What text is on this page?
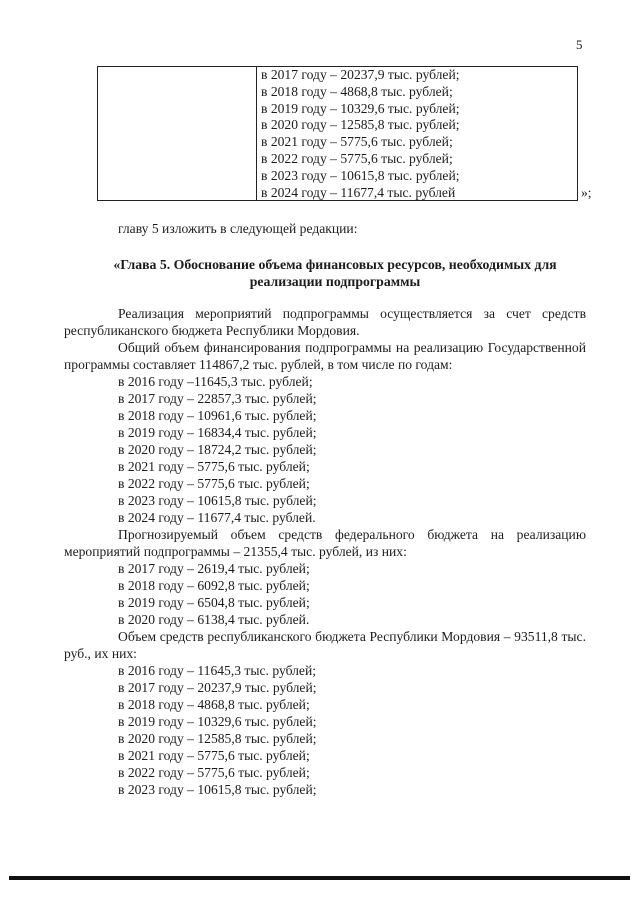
5
в 2017 году – 20237,9 тыс. рублей;
в 2018 году – 4868,8 тыс. рублей;
в 2019 году – 10329,6 тыс. рублей;
в 2020 году – 12585,8 тыс. рублей;
в 2021 году – 5775,6 тыс. рублей;
в 2022 году – 5775,6 тыс. рублей;
в 2023 году – 10615,8 тыс. рублей;
в 2024 году – 11677,4 тыс. рублей	»;
главу 5 изложить в следующей редакции:
«Глава 5. Обоснование объема финансовых ресурсов, необходимых для
реализации подпрограммы

Реализация мероприятий подпрограммы осуществляется за счет средств республиканского бюджета Республики Мордовия.

Общий объем финансирования подпрограммы на реализацию Государственной программы составляет 114867,2 тыс. рублей, в том числе по годам:

в 2016 году –11645,3 тыс. рублей;
в 2017 году – 22857,3 тыс. рублей;
в 2018 году – 10961,6 тыс. рублей;
в 2019 году – 16834,4 тыс. рублей;
в 2020 году – 18724,2 тыс. рублей;
в 2021 году – 5775,6 тыс. рублей;
в 2022 году – 5775,6 тыс. рублей;
в 2023 году – 10615,8 тыс. рублей;
в 2024 году – 11677,4 тыс. рублей.

Прогнозируемый объем средств федерального бюджета на реализацию мероприятий подпрограммы – 21355,4 тыс. рублей, из них:

в 2017 году – 2619,4 тыс. рублей;
в 2018 году – 6092,8 тыс. рублей;
в 2019 году – 6504,8 тыс. рублей;
в 2020 году – 6138,4 тыс. рублей.

Объем средств республиканского бюджета Республики Мордовия – 93511,8 тыс. руб., их них:

в 2016 году – 11645,3 тыс. рублей;
в 2017 году – 20237,9 тыс. рублей;
в 2018 году – 4868,8 тыс. рублей;
в 2019 году – 10329,6 тыс. рублей;
в 2020 году – 12585,8 тыс. рублей;
в 2021 году – 5775,6 тыс. рублей;
в 2022 году – 5775,6 тыс. рублей;
в 2023 году – 10615,8 тыс. рублей;
